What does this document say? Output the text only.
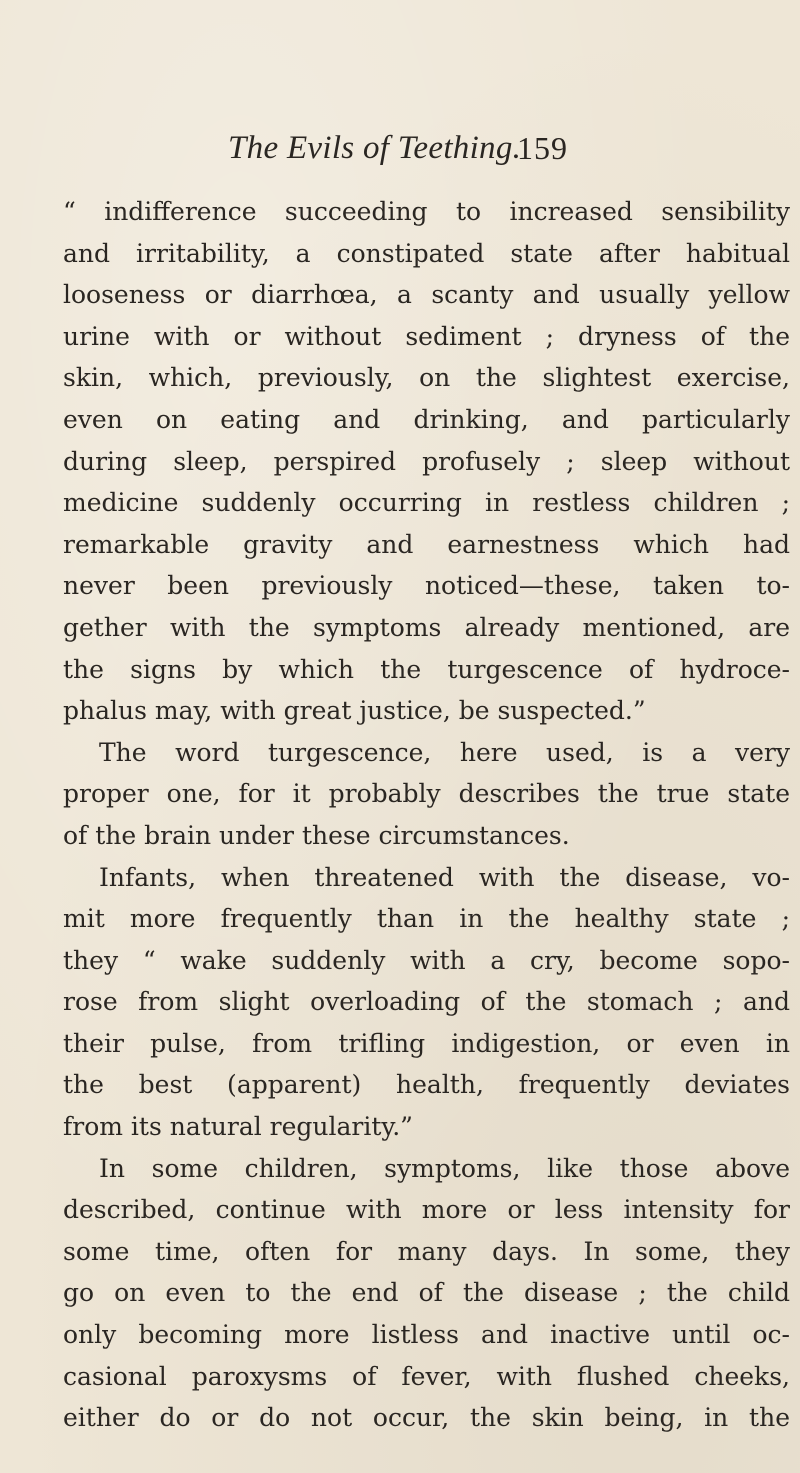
The Evils of Teething.
159
“ indifference succeeding to increased sensibility
and irritability, a constipated state after habitual
looseness or diarrhœa, a scanty and usually yellow
urine with or without sediment ; dryness of the
skin, which, previously, on the slightest exercise,
even on eating and drinking, and particularly
during sleep, perspired profusely ; sleep without
medicine suddenly occurring in restless children ;
remarkable gravity and earnestness which had
never been previously noticed—these, taken to-
gether with the symptoms already mentioned, are
the signs by which the turgescence of hydroce-
phalus may, with great justice, be suspected.”
The word turgescence, here used, is a very
proper one, for it probably describes the true state
of the brain under these circumstances.
Infants, when threatened with the disease, vo-
mit more frequently than in the healthy state ;
they “ wake suddenly with a cry, become sopo-
rose from slight overloading of the stomach ; and
their pulse, from trifling indigestion, or even in
the best (apparent) health, frequently deviates
from its natural regularity.”
In some children, symptoms, like those above
described, continue with more or less intensity for
some time, often for many days. In some, they
go on even to the end of the disease ; the child
only becoming more listless and inactive until oc-
casional paroxysms of fever, with flushed cheeks,
either do or do not occur, the skin being, in the
